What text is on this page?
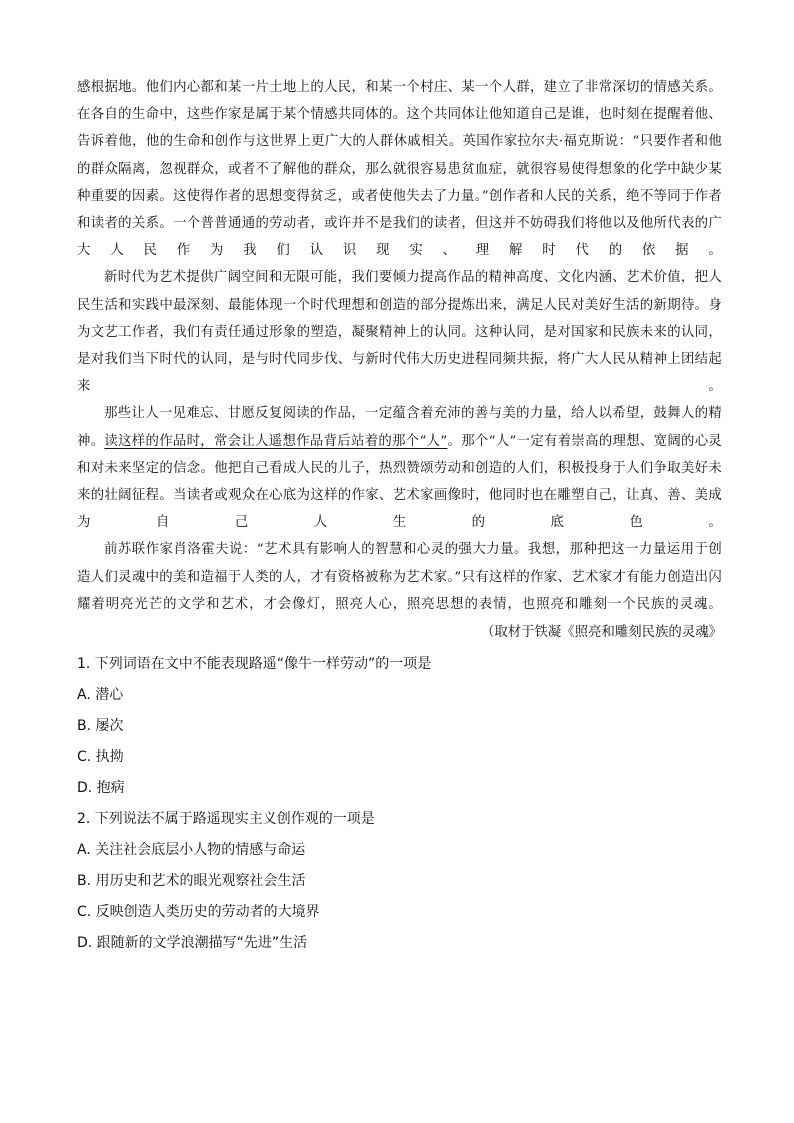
感根据地。他们内心都和某一片土地上的人民，和某一个村庄、某一个人群，建立了非常深切的情感关系。在各自的生命中，这些作家是属于某个情感共同体的。这个共同体让他知道自己是谁，也时刻在提醒着他、告诉着他，他的生命和创作与这世界上更广大的人群休戚相关。英国作家拉尔夫·福克斯说：“只要作者和他的群众隔离，忽视群众，或者不了解他的群众，那么就很容易患贫血症，就很容易使得想象的化学中缺少某种重要的因素。这使得作者的思想变得贫乏，或者使他失去了力量。”创作者和人民的关系，绝不等同于作者和读者的关系。一个普普通通的劳动者，或许并不是我们的读者，但这并不妨碍我们将他以及他所代表的广大人民作为我们认识现实、理解时代的依据。

新时代为艺术提供广阔空间和无限可能，我们要倾力提高作品的精神高度、文化内涵、艺术价值，把人民生活和实践中最深刻、最能体现一个时代理想和创造的部分提炼出来，满足人民对美好生活的新期待。身为文艺工作者，我们有责任通过形象的塑造，凝聚精神上的认同。这种认同，是对国家和民族未来的认同，是对我们当下时代的认同，是与时代同步伐、与新时代伟大历史进程同频共振，将广大人民从精神上团结起来。

那些让人一见难忘、甘愿反复阅读的作品，一定蕴含着充沛的善与美的力量，给人以希望，鼓舞人的精神。读这样的作品时，常会让人遥想作品背后站着的那个“人”。那个“人”一定有着崇高的理想、宽阔的心灵和对未来坚定的信念。他把自己看成人民的儿子，热烈赞颂劳动和创造的人们，积极投身于人们争取美好未来的壮阔征程。当读者或观众在心底为这样的作家、艺术家画像时，他同时也在雕塑自己，让真、善、美成为自己人生的底色。

前苏联作家肖洛霍夫说：“艺术具有影响人的智慧和心灵的强大力量。我想，那种把这一力量运用于创造人们灵魂中的美和造福于人类的人，才有资格被称为艺术家。”只有这样的作家、艺术家才有能力创造出闪耀着明亮光芒的文学和艺术，才会像灯，照亮人心，照亮思想的表情，也照亮和雕刻一个民族的灵魂。

（取材于铁凝《照亮和雕刻民族的灵魂》

1. 下列词语在文中不能表现路遥“像牛一样劳动”的一项是

A. 潜心

B. 屡次

C. 执拗

D. 抱病

2. 下列说法不属于路遥现实主义创作观的一项是

A. 关注社会底层小人物的情感与命运

B. 用历史和艺术的眼光观察社会生活

C. 反映创造人类历史的劳动者的大境界

D. 跟随新的文学浪潮描写“先进”生活
